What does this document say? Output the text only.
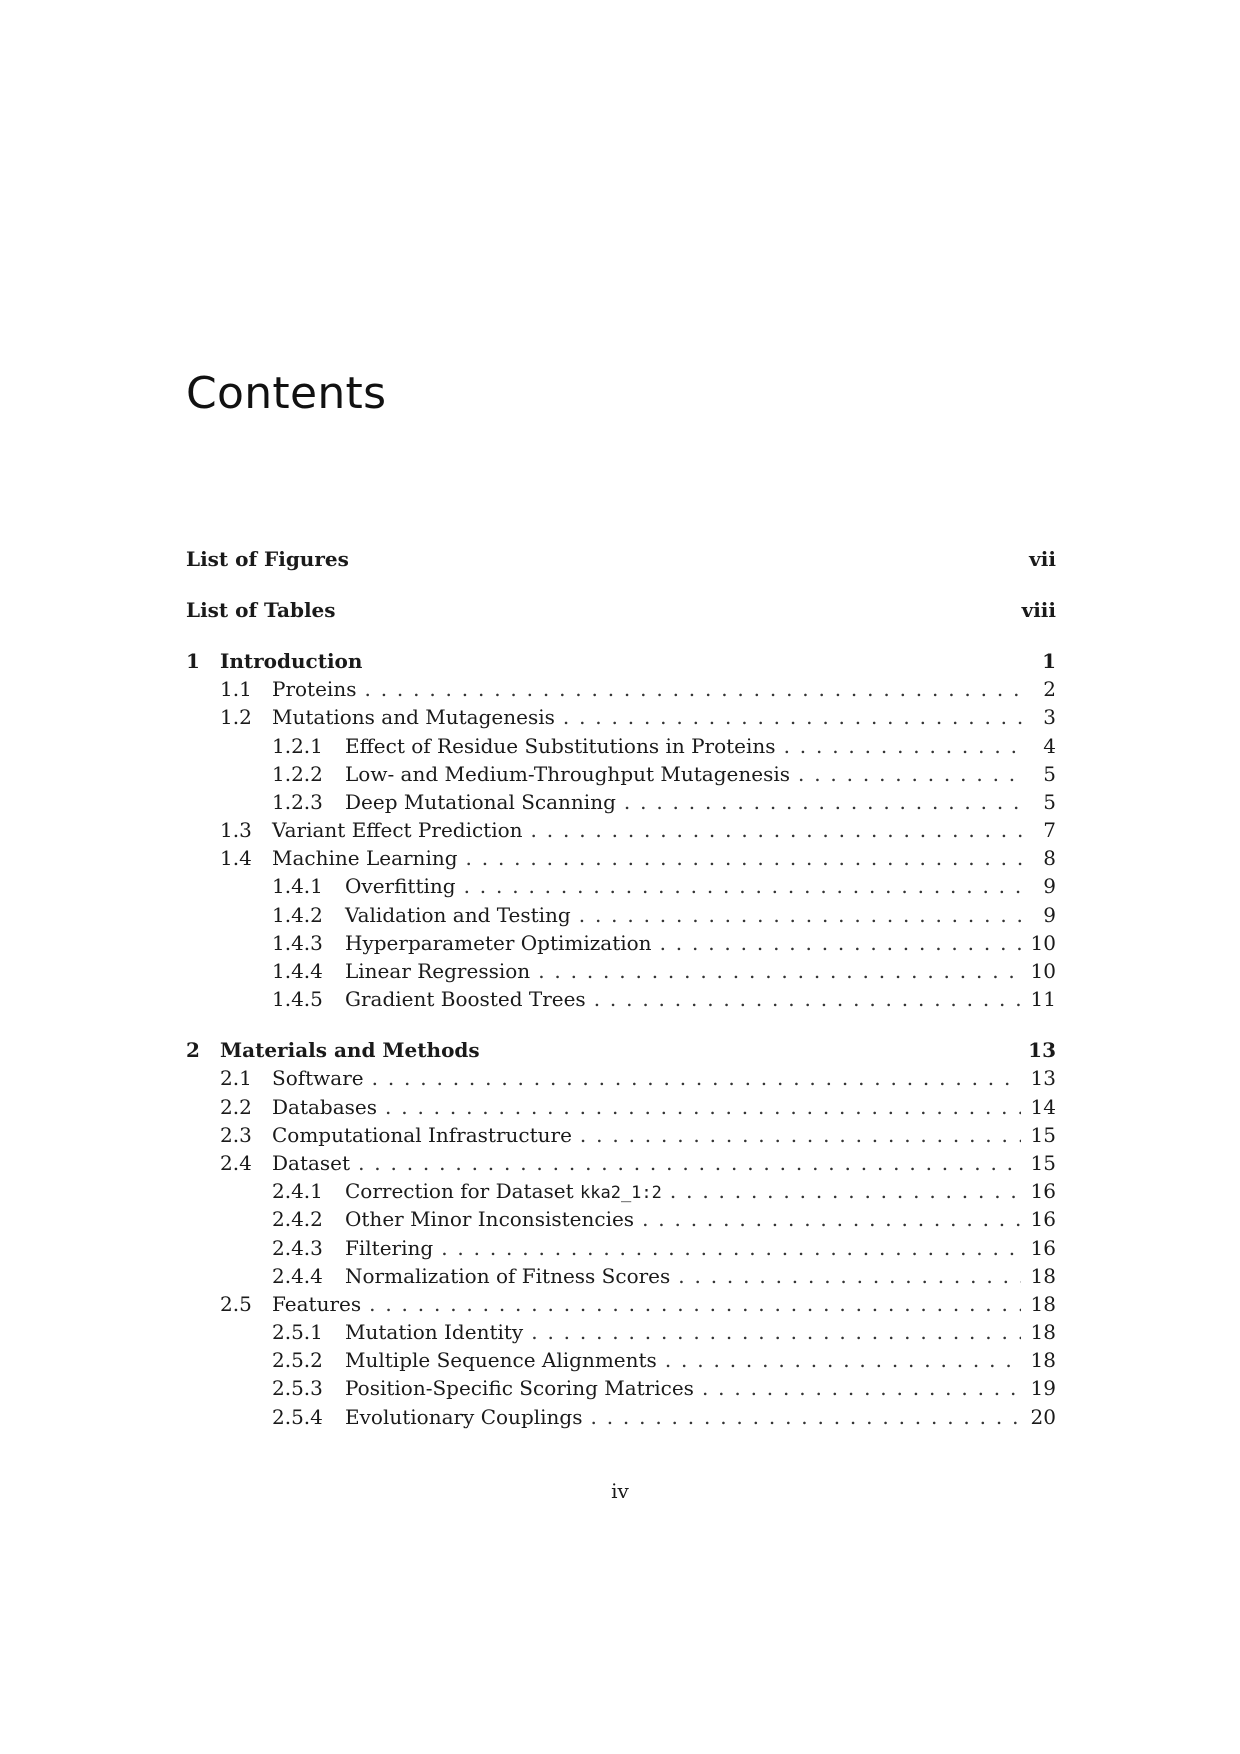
Contents
List of Figures	vii
List of Tables	viii
1	Introduction	1
1.1	Proteins . . .	2
1.2	Mutations and Mutagenesis . . .	3
1.2.1	Effect of Residue Substitutions in Proteins . . .	4
1.2.2	Low- and Medium-Throughput Mutagenesis . . .	5
1.2.3	Deep Mutational Scanning . . .	5
1.3	Variant Effect Prediction . . .	7
1.4	Machine Learning . . .	8
1.4.1	Overfitting . . .	9
1.4.2	Validation and Testing . . .	9
1.4.3	Hyperparameter Optimization . . .	10
1.4.4	Linear Regression . . .	10
1.4.5	Gradient Boosted Trees . . .	11
2	Materials and Methods	13
2.1	Software . . .	13
2.2	Databases . . .	14
2.3	Computational Infrastructure . . .	15
2.4	Dataset . . .	15
2.4.1	Correction for Dataset kka2_1:2 . . .	16
2.4.2	Other Minor Inconsistencies . . .	16
2.4.3	Filtering . . .	16
2.4.4	Normalization of Fitness Scores . . .	18
2.5	Features . . .	18
2.5.1	Mutation Identity . . .	18
2.5.2	Multiple Sequence Alignments . . .	18
2.5.3	Position-Specific Scoring Matrices . . .	19
2.5.4	Evolutionary Couplings . . .	20
iv
